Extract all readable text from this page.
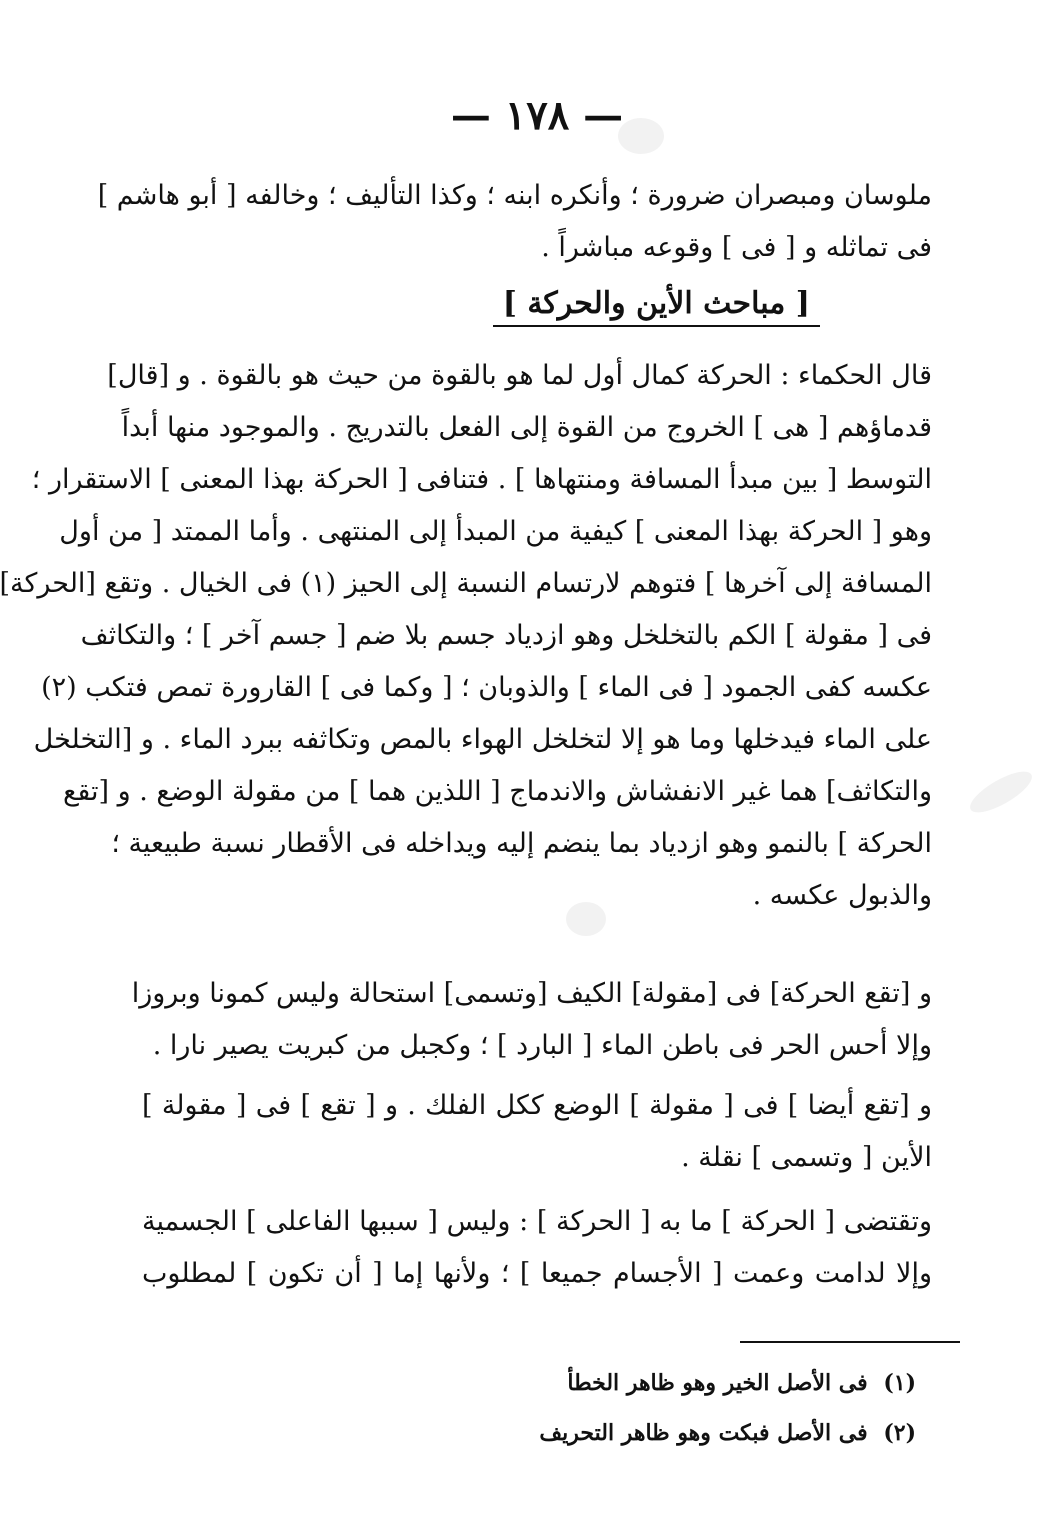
— ١٧٨ —
ملوسان ومبصران ضرورة ؛ وأنكره ابنه ؛ وكذا التأليف ؛ وخالفه [ أبو هاشم ]
فى تماثله و [ فى ] وقوعه مباشراً .
[ مباحث الأين والحركة ]
قال الحكماء : الحركة كمال أول لما هو بالقوة من حيث هو بالقوة . و [قال]
قدماؤهم [ هى ] الخروج من القوة إلى الفعل بالتدريج . والموجود منها أبداً
التوسط [ بين مبدأ المسافة ومنتهاها ] . فتنافى [ الحركة بهذا المعنى ] الاستقرار ؛
وهو [ الحركة بهذا المعنى ] كيفية من المبدأ إلى المنتهى . وأما الممتد [ من أول
المسافة إلى آخرها ] فتوهم لارتسام النسبة إلى الحيز (١) فى الخيال . وتقع [الحركة]
فى [ مقولة ] الكم بالتخلخل وهو ازدياد جسم بلا ضم [ جسم آخر ] ؛ والتكاثف
عكسه كفى الجمود [ فى الماء ] والذوبان ؛ [ وكما فى ] القارورة تمص فتكب (٢)
على الماء فيدخلها وما هو إلا لتخلخل الهواء بالمص وتكاثفه ببرد الماء . و [التخلخل
والتكاثف] هما غير الانفشاش والاندماج [ اللذين هما ] من مقولة الوضع . و [تقع
الحركة ] بالنمو وهو ازدياد بما ينضم إليه ويداخله فى الأقطار نسبة طبيعية ؛
والذبول عكسه .
و [تقع الحركة] فى [مقولة] الكيف [وتسمى] استحالة وليس كمونا وبروزا
وإلا أحس الحر فى باطن الماء [ البارد ] ؛ وكجبل من كبريت يصير نارا .
و [تقع أيضا ] فى [ مقولة ] الوضع ككل الفلك . و [ تقع ] فى [ مقولة ]
الأين [ وتسمى ] نقلة .
وتقتضى [ الحركة ] ما به [ الحركة ] : وليس [ سببها الفاعلى ] الجسمية
وإلا لدامت وعمت [ الأجسام جميعا ] ؛ ولأنها إما [ أن تكون ] لمطلوب
(١) فى الأصل الخير وهو ظاهر الخطأ
(٢) فى الأصل فبكت وهو ظاهر التحريف
